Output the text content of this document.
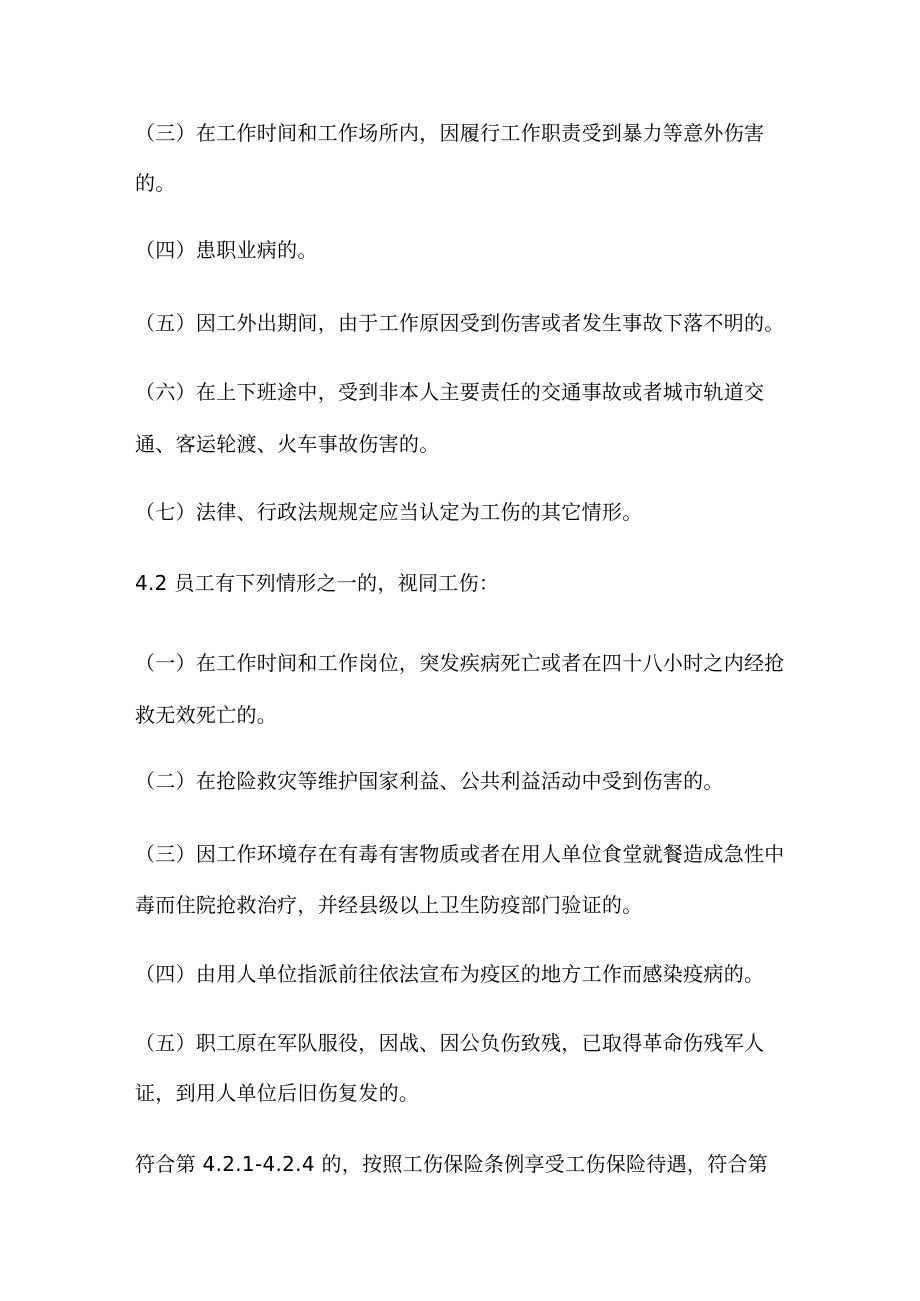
（三）在工作时间和工作场所内，因履行工作职责受到暴力等意外伤害

的。

（四）患职业病的。

（五）因工外出期间，由于工作原因受到伤害或者发生事故下落不明的。

（六）在上下班途中，受到非本人主要责任的交通事故或者城市轨道交

通、客运轮渡、火车事故伤害的。

（七）法律、行政法规规定应当认定为工伤的其它情形。

4.2 员工有下列情形之一的，视同工伤：

（一）在工作时间和工作岗位，突发疾病死亡或者在四十八小时之内经抢

救无效死亡的。

（二）在抢险救灾等维护国家利益、公共利益活动中受到伤害的。

（三）因工作环境存在有毒有害物质或者在用人单位食堂就餐造成急性中

毒而住院抢救治疗，并经县级以上卫生防疫部门验证的。

（四）由用人单位指派前往依法宣布为疫区的地方工作而感染疫病的。

（五）职工原在军队服役，因战、因公负伤致残，已取得革命伤残军人

证，到用人单位后旧伤复发的。

符合第 4.2.1-4.2.4 的，按照工伤保险条例享受工伤保险待遇，符合第
